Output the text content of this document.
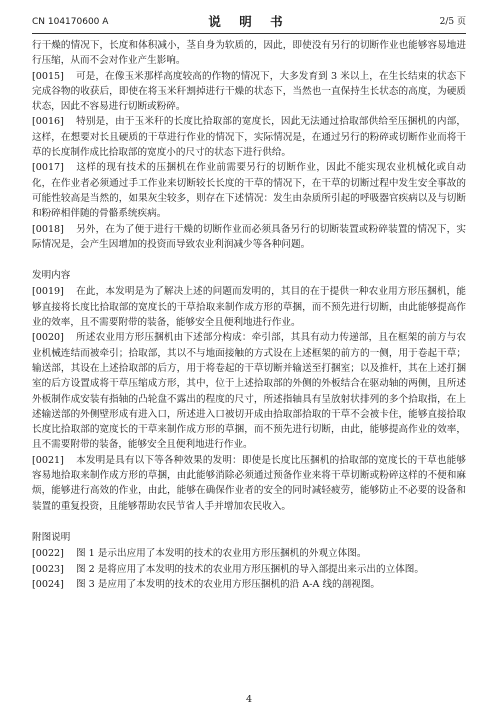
CN 104170600 A	说 明 书	2/5 页

行干燥的情况下，长度和体积减小，茎自身为软质的，因此，即使没有另行的切断作业也能够容易地进行压缩，从而不会对作业产生影响。

[0015] 可是，在像玉米那样高度较高的作物的情况下，大多发育到 3 米以上，在生长结束的状态下完成谷物的收获后，即使在将玉米秆割掉进行干燥的状态下，当然也一直保持生长状态的高度，为硬质状态，因此不容易进行切断或粉碎。

[0016] 特别是，由于玉米秆的长度比拾取部的宽度长，因此无法通过拾取部供给至压捆机的内部，这样，在想要对长且硬质的干草进行作业的情况下，实际情况是，在通过另行的粉碎或切断作业而将干草的长度制作成比拾取部的宽度小的尺寸的状态下进行供给。

[0017] 这样的现有技术的压捆机在作业前需要另行的切断作业，因此不能实现农业机械化或自动化，在作业者必须通过手工作业来切断较长长度的干草的情况下，在干草的切断过程中发生安全事故的可能性较高是当然的，如果灰尘较多，则存在下述情况：发生由杂质所引起的呼吸器官疾病以及与切断和粉碎相伴随的骨骼系统疾病。

[0018] 另外，在为了便于进行干燥的切断作业而必须具备另行的切断装置或粉碎装置的情况下，实际情况是，会产生因增加的投资而导致农业利润减少等各种问题。

发明内容

[0019] 在此，本发明是为了解决上述的问题而发明的，其目的在于提供一种农业用方形压捆机，能够直接将长度比拾取部的宽度长的干草拾取来制作成方形的草捆，而不预先进行切断，由此能够提高作业的效率，且不需要附带的装备，能够安全且便利地进行作业。

[0020] 所述农业用方形压捆机由下述部分构成：牵引部，其具有动力传递部，且在框架的前方与农业机械连结而被牵引；拾取部，其以不与地面接触的方式设在上述框架的前方的一侧，用于卷起干草；输送部，其设在上述拾取部的后方，用于将卷起的干草切断并输送至打捆室；以及推杆，其在上述打捆室的后方设置成将干草压缩成方形，其中，位于上述拾取部的外侧的外板结合在驱动轴的两侧，且所述外板制作成安装有指轴的凸轮盘不露出的程度的尺寸，所述指轴具有呈放射状排列的多个拾取指，在上述输送部的外侧壁形成有进入口，所述进入口被切开成由拾取部拾取的干草不会被卡住，能够直接拾取长度比拾取部的宽度长的干草来制作成方形的草捆，而不预先进行切断，由此，能够提高作业的效率，且不需要附带的装备，能够安全且便利地进行作业。

[0021] 本发明是具有以下等各种效果的发明：即使是长度比压捆机的拾取部的宽度长的干草也能够容易地拾取来制作成方形的草捆，由此能够消除必须通过预备作业来将干草切断或粉碎这样的不便和麻烦，能够进行高效的作业，由此，能够在确保作业者的安全的同时减轻疲劳，能够防止不必要的设备和装置的重复投资，且能够帮助农民节省人手并增加农民收入。

附图说明

[0022] 图 1 是示出应用了本发明的技术的农业用方形压捆机的外观立体图。

[0023] 图 2 是将应用了本发明的技术的农业用方形压捆机的导入部提出来示出的立体图。

[0024] 图 3 是应用了本发明的技术的农业用方形压捆机的沿 A-A 线的剖视图。

4
